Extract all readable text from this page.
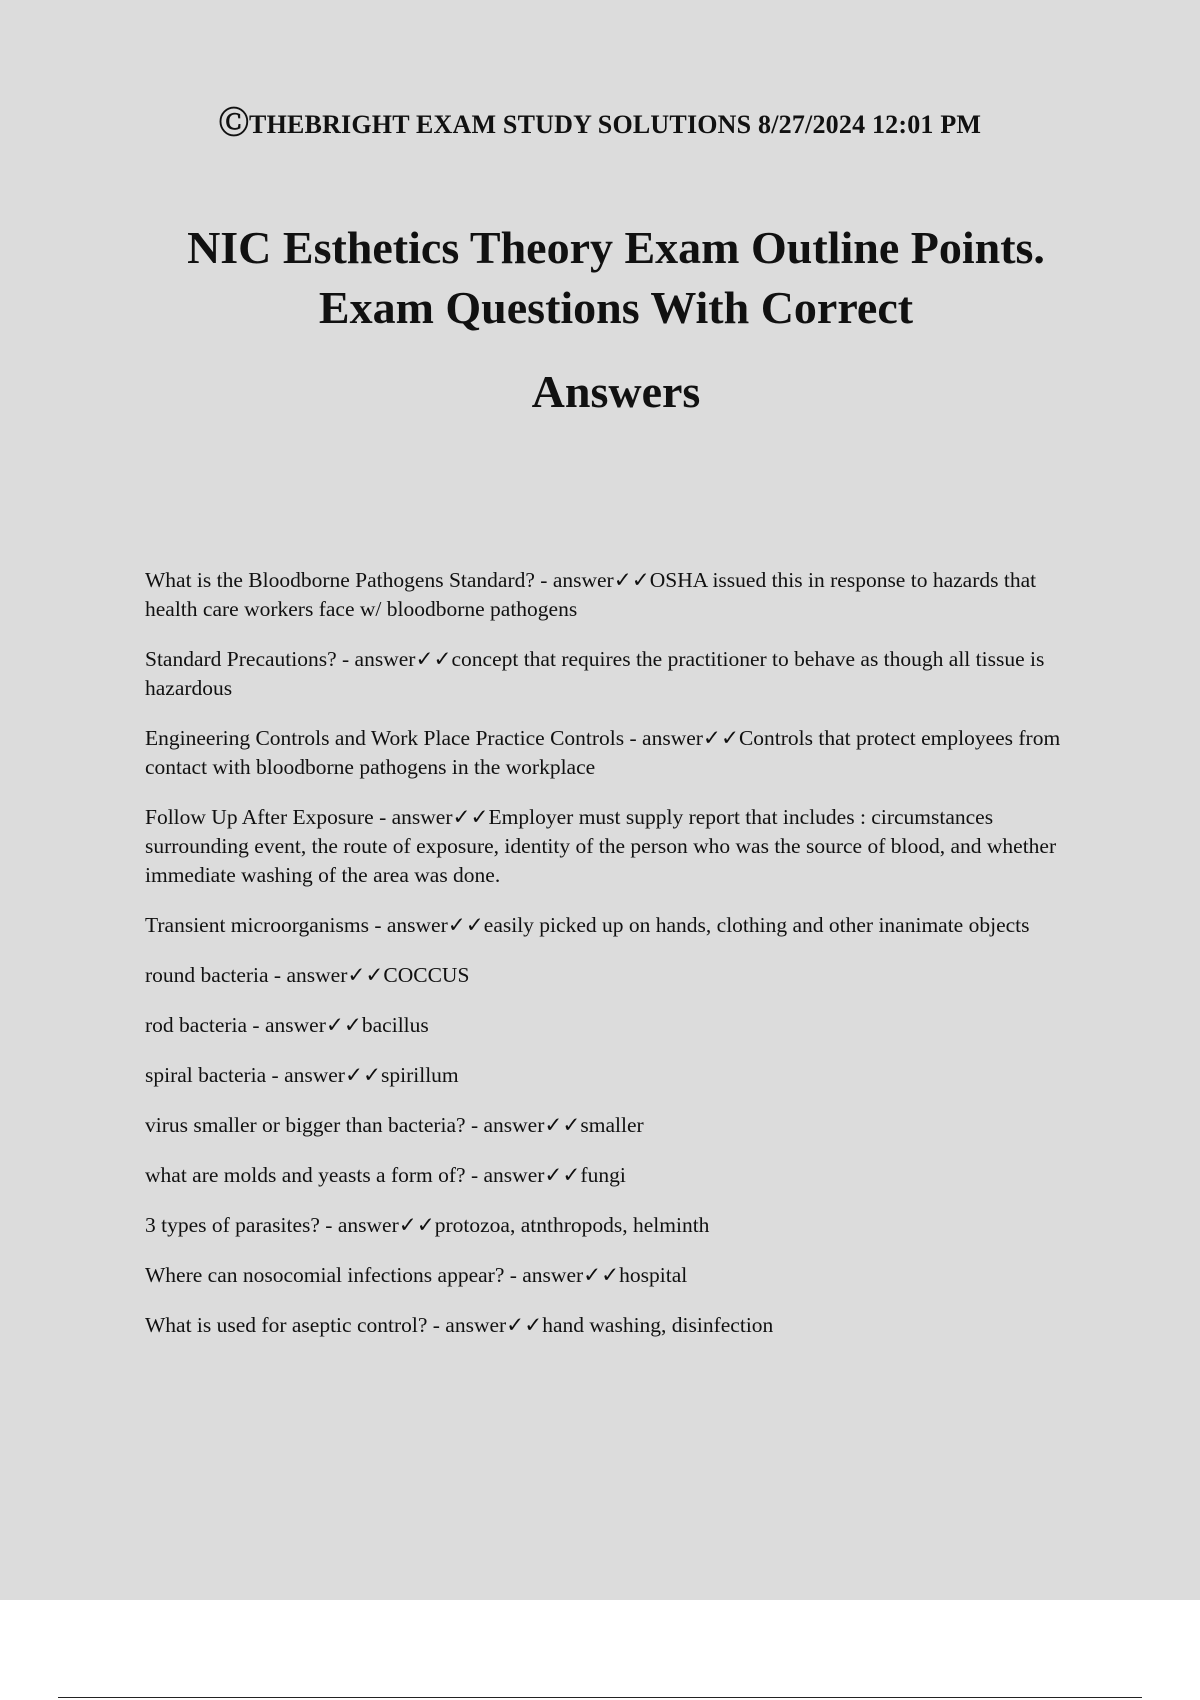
ⒸTHEBRIGHT EXAM STUDY SOLUTIONS 8/27/2024 12:01 PM
NIC Esthetics Theory Exam Outline Points.
Exam Questions With Correct
Answers

What is the Bloodborne Pathogens Standard? - answer✓✓OSHA issued this in response to hazards that health care workers face w/ bloodborne pathogens

Standard Precautions? - answer✓✓concept that requires the practitioner to behave as though all tissue is hazardous

Engineering Controls and Work Place Practice Controls - answer✓✓Controls that protect employees from contact with bloodborne pathogens in the workplace

Follow Up After Exposure - answer✓✓Employer must supply report that includes : circumstances surrounding event, the route of exposure, identity of the person who was the source of blood, and whether immediate washing of the area was done.

Transient microorganisms - answer✓✓easily picked up on hands, clothing and other inanimate objects

round bacteria - answer✓✓COCCUS

rod bacteria - answer✓✓bacillus

spiral bacteria - answer✓✓spirillum

virus smaller or bigger than bacteria? - answer✓✓smaller

what are molds and yeasts a form of? - answer✓✓fungi

3 types of parasites? - answer✓✓protozoa, atnthropods, helminth

Where can nosocomial infections appear? - answer✓✓hospital

What is used for aseptic control? - answer✓✓hand washing, disinfection
